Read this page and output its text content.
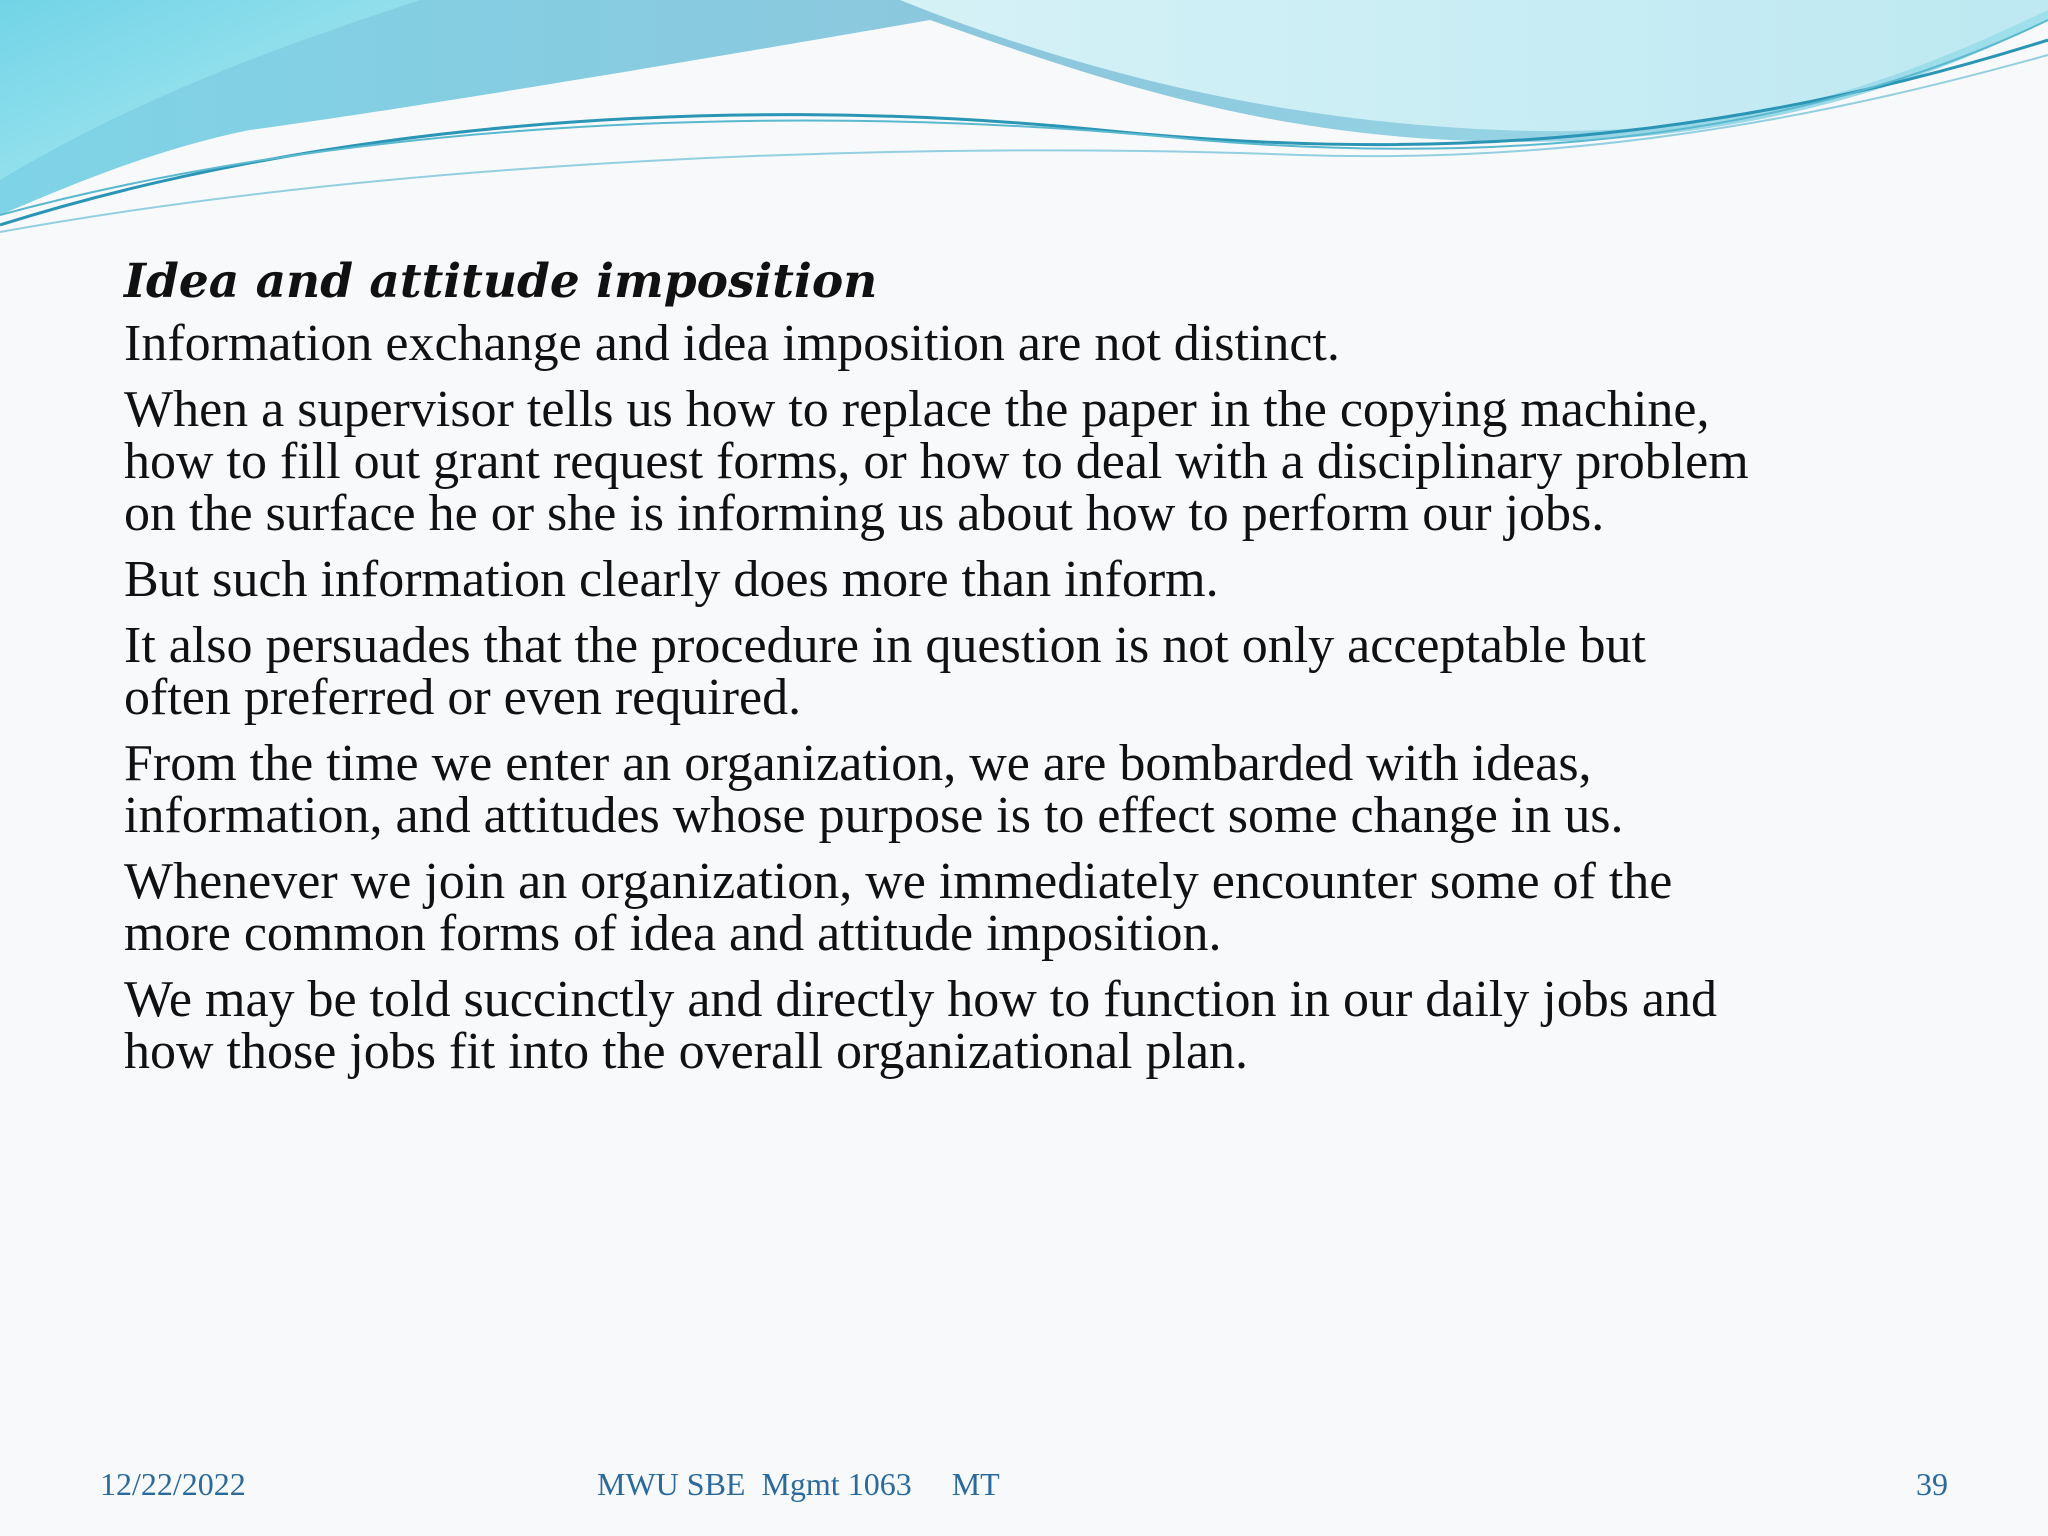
Idea and attitude imposition
Information exchange and idea imposition are not distinct.
When a supervisor tells us how to replace the paper in the copying machine,
how to fill out grant request forms, or how to deal with a disciplinary problem
on the surface he or she is informing us about how to perform our jobs.
But such information clearly does more than inform.
It also persuades that the procedure in question is not only acceptable but
often preferred or even required.
From the time we enter an organization, we are bombarded with ideas,
information, and attitudes whose purpose is to effect some change in us.
Whenever we join an organization, we immediately encounter some of the
more common forms of idea and attitude imposition.
We may be told succinctly and directly how to function in our daily jobs and
how those jobs fit into the overall organizational plan.
12/22/2022	MWU SBE  Mgmt 1063     MT	39
